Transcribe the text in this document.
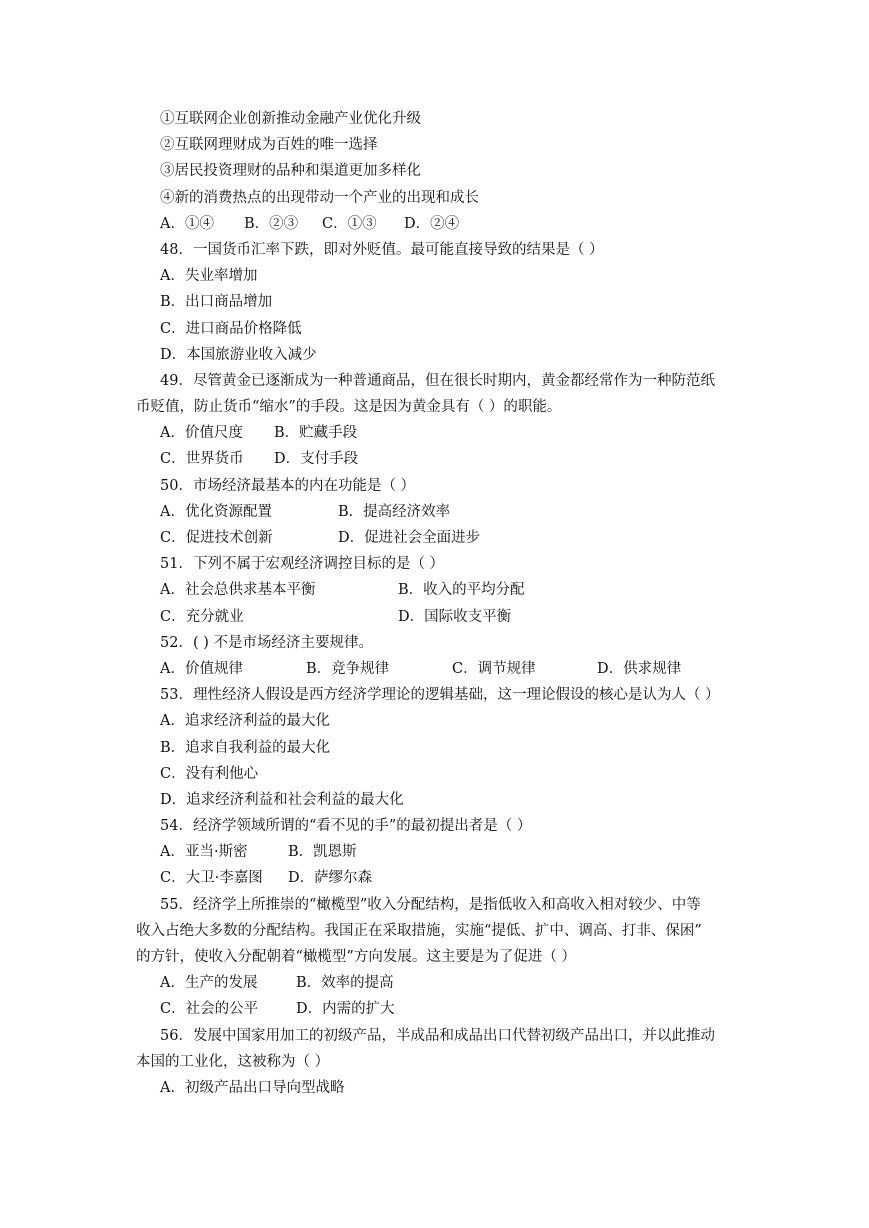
①互联网企业创新推动金融产业优化升级
②互联网理财成为百姓的唯一选择
③居民投资理财的品种和渠道更加多样化
④新的消费热点的出现带动一个产业的出现和成长
A．①④ B．②③ C．①③ D．②④
48．一国货币汇率下跌，即对外贬值。最可能直接导致的结果是（ ）
A．失业率增加
B．出口商品增加
C．进口商品价格降低
D．本国旅游业收入减少
49．尽管黄金已逐渐成为一种普通商品，但在很长时期内，黄金都经常作为一种防范纸
币贬值，防止货币“缩水”的手段。这是因为黄金具有（ ）的职能。
A．价值尺度 B．贮藏手段
C．世界货币 D．支付手段
50．市场经济最基本的内在功能是（ ）
A．优化资源配置	B．提高经济效率
C．促进技术创新	D．促进社会全面进步
51．下列不属于宏观经济调控目标的是（ ）
A．社会总供求基本平衡	B．收入的平均分配
C．充分就业	D．国际收支平衡
52．( ) 不是市场经济主要规律。
A．价值规律	B．竞争规律	C．调节规律	D．供求规律
53．理性经济人假设是西方经济学理论的逻辑基础，这一理论假设的核心是认为人（ ）
A．追求经济利益的最大化
B．追求自我利益的最大化
C．没有利他心
D．追求经济利益和社会利益的最大化
54．经济学领域所谓的“看不见的手”的最初提出者是（ ）
A．亚当·斯密	B．凯恩斯
C．大卫·李嘉图 D．萨缪尔森
55．经济学上所推崇的“橄榄型”收入分配结构，是指低收入和高收入相对较少、中等
收入占绝大多数的分配结构。我国正在采取措施，实施“提低、扩中、调高、打非、保困”
的方针，使收入分配朝着“橄榄型”方向发展。这主要是为了促进（ ）
A．生产的发展	B．效率的提高
C．社会的公平	D．内需的扩大
56．发展中国家用加工的初级产品，半成品和成品出口代替初级产品出口，并以此推动
本国的工业化，这被称为（ ）
A．初级产品出口导向型战略
